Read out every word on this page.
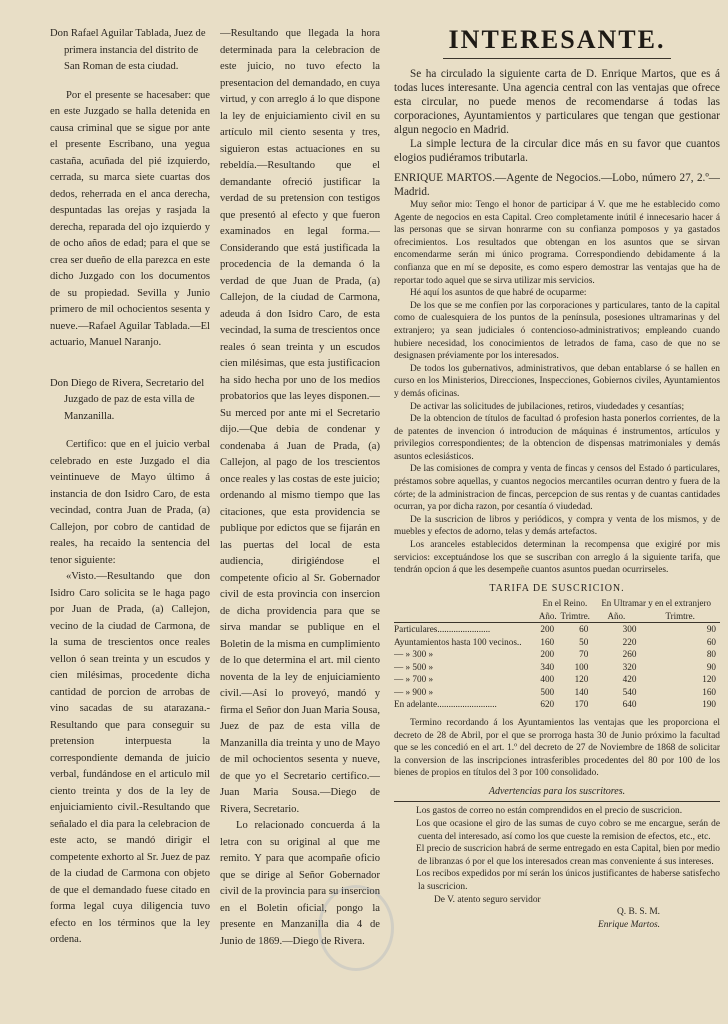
Don Rafael Aguilar Tablada, Juez de primera instancia del distrito de San Roman de esta ciudad.

Por el presente se hacesaber: que en este Juzgado se halla detenida en causa criminal que se sigue por ante el presente Escribano, una yegua castaña, acuñada del pié izquierdo, cerrada, su marca siete cuartas dos dedos, reherrada en el anca derecha, despuntadas las orejas y rasjada la derecha, reparada del ojo izquierdo y de ocho años de edad; para el que se crea ser dueño de ella parezca en este dicho Juzgado con los documentos de su propiedad. Sevilla y Junio primero de mil ochocientos sesenta y nueve.—Rafael Aguilar Tablada.—El actuario, Manuel Naranjo.

Don Diego de Rivera, Secretario del Juzgado de paz de esta villa de Manzanilla.

Certifico: que en el juicio verbal celebrado en este Juzgado el dia veintinueve de Mayo último á instancia de don Isidro Caro, de esta vecindad, contra Juan de Prada, (a) Callejon, por cobro de cantidad de reales, ha recaido la sentencia del tenor siguiente:

«Visto.—Resultando que don Isidro Caro solicita se le haga pago por Juan de Prada, (a) Callejon, vecino de la ciudad de Carmona, de la suma de trescientos once reales vellon ó sean treinta y un escudos y cien milésimas, procedente dicha cantidad de porcion de arrobas de vino sacadas de su atarazana.-Resultando que para conseguir su pretension interpuesta la correspondiente demanda de juicio verbal, fundándose en el articulo mil ciento treinta y dos de la ley de enjuiciamiento civil.-Resultando que señalado el dia para la celebracion de este acto, se mandó dirigir el competente exhorto al Sr. Juez de paz de la ciudad de Carmona con objeto de que el demandado fuese citado en forma legal cuya diligencia tuvo efecto en los términos que la ley ordena.

—Resultando que llegada la hora determinada para la celebracion de este juicio, no tuvo efecto la presentacion del demandado, en cuya virtud, y con arreglo á lo que dispone la ley de enjuiciamiento civil en su artículo mil ciento sesenta y tres, siguieron estas actuaciones en su rebeldía.—Resultando que el demandante ofreció justificar la verdad de su pretension con testigos que presentó al efecto y que fueron examinados en legal forma.—Considerando que está justificada la procedencia de la demanda ó la verdad de que Juan de Prada, (a) Callejon, de la ciudad de Carmona, adeuda á don Isidro Caro, de esta vecindad, la suma de trescientos once reales ó sean treinta y un escudos cien milésimas, que esta justificacion ha sido hecha por uno de los medios probatorios que las leyes disponen.—Su merced por ante mi el Secretario dijo.—Que debia de condenar y condenaba á Juan de Prada, (a) Callejon, al pago de los trescientos once reales y las costas de este juicio; ordenando al mismo tiempo que las citaciones, que esta providencia se publique por edictos que se fijarán en las puertas del local de esta audiencia, dirigiéndose el competente oficio al Sr. Gobernador civil de esta provincia con insercion de dicha providencia para que se sirva mandar se publique en el Boletin de la misma en cumplimiento de lo que determina el art. mil ciento noventa de la ley de enjuiciamiento civil.—Así lo proveyó, mandó y firma el Señor don Juan Maria Sousa, Juez de paz de esta villa de Manzanilla dia treinta y uno de Mayo de mil ochocientos sesenta y nueve, de que yo el Secretario certifico.—Juan Maria Sousa.—Diego de Rivera, Secretario.

Lo relacionado concuerda á la letra con su original al que me remito. Y para que acompañe oficio que se dirige al Señor Gobernador civil de la provincia para su insercion en el Boletin oficial, pongo la presente en Manzanilla dia 4 de Junio de 1869.—Diego de Rivera.

INTERESANTE.

Se ha circulado la siguiente carta de D. Enrique Martos, que es á todas luces interesante. Una agencia central con las ventajas que ofrece esta circular, no puede menos de recomendarse á todas las corporaciones, Ayuntamientos y particulares que tengan que gestionar algun negocio en Madrid.

La simple lectura de la circular dice más en su favor que cuantos elogios pudiéramos tributarla.

ENRIQUE MARTOS.—Agente de Negocios.—Lobo, número 27, 2.º—Madrid.

Muy señor mio: Tengo el honor de participar á V. que me he establecido como Agente de negocios en esta Capital. Creo completamente inútil é innecesario hacer á las personas que se sirvan honrarme con su confianza pomposos y ya gastados ofrecimientos. Los resultados que obtengan en los asuntos que se sirvan encomendarme serán mi único programa. Correspondiendo debidamente á la confianza que en mí se deposite, es como espero demostrar las ventajas que ha de reportar todo aquel que se sirva utilizar mis servicios.

Hé aquí los asuntos de que habré de ocuparme:

De los que se me confíen por las corporaciones y particulares, tanto de la capital como de cualesquiera de los puntos de la península, posesiones ultramarinas y del extranjero; ya sean judiciales ó contencioso-administrativos; empleando cuando hubiere necesidad, los conocimientos de letrados de fama, caso de que no se designasen préviamente por los interesados.

De todos los gubernativos, administrativos, que deban entablarse ó se hallen en curso en los Ministerios, Direcciones, Inspecciones, Gobiernos civiles, Ayuntamientos y demás oficinas.

De activar las solicitudes de jubilaciones, retiros, viudedades y cesantías;

De la obtencion de títulos de facultad ó profesion hasta ponerlos corrientes, de la de patentes de invencion ó introducion de máquinas é instrumentos, artículos y privilegios correspondientes; de la obtencion de dispensas matrimoniales y demás asuntos eclesiásticos.

De las comisiones de compra y venta de fincas y censos del Estado ó particulares, préstamos sobre aquellas, y cuantos negocios mercantiles ocurran dentro y fuera de la córte; de la administracion de fincas, percepcion de sus rentas y de cuantas cantidades ocurran, ya por dicha razon, por cesantía ó viudedad.

De la suscricion de libros y periódicos, y compra y venta de los mismos, y de muebles y efectos de adorno, telas y demás artefactos.

Los aranceles establecidos determinan la recompensa que exigiré por mis servicios: exceptuándose los que se suscriban con arreglo á la siguiente tarifa, que tendrán opcion á que les desempeñe cuantos asuntos puedan ocurrirseles.

TARIFA DE SUSCRICION.
	En el Reino.		En Ultramar y en el extranjero	
	Año.	Trimtre.	Año.	Trimtre.
Particulares.......................	200	60	300	90
Ayuntamientos hasta 100 vecinos..	160	50	220	60
— » 300 »	200	70	260	80
— » 500 »	340	100	320	90
— » 700 »	400	120	420	120
— » 900 »	500	140	540	160
En adelante..........................	620	170	640	190

Termino recordando á los Ayuntamientos las ventajas que les proporciona el decreto de 28 de Abril, por el que se prorroga hasta 30 de Junio próximo la facultad que se les concedió en el art. 1.º del decreto de 27 de Noviembre de 1868 de solicitar la conversion de las inscripciones intrasferibles procedentes del 80 por 100 de los bienes de propios en títulos del 3 por 100 consolidado.

Advertencias para los suscritores.

Los gastos de correo no están comprendidos en el precio de suscricion.

Los que ocasione el giro de las sumas de cuyo cobro se me encargue, serán de cuenta del interesado, así como los que cueste la remision de efectos, etc., etc.

El precio de suscricion habrá de serme entregado en esta Capital, bien por medio de libranzas ó por el que los interesados crean mas conveniente á sus intereses.

Los recibos expedidos por mí serán los únicos justificantes de haberse satisfecho la suscricion.

De V. atento seguro servidor

Q. B. S. M.

Enrique Martos.
